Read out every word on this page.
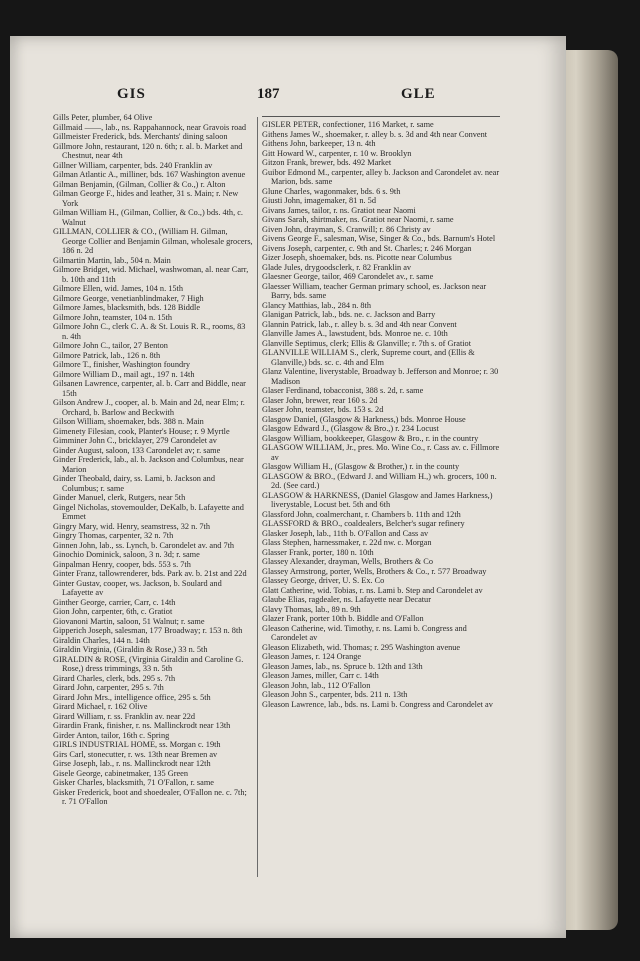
GIS	187	GLE

Gills Peter, plumber, 64 Olive

Gillmaid ——, lab., ns. Rappahannock, near Gravois road

Gillmeister Frederick, bds. Merchants' dining saloon

Gillmore John, restaurant, 120 n. 6th; r. al. b. Market and Chestnut, near 4th

Gillner William, carpenter, bds. 240 Franklin av

Gilman Atlantic A., milliner, bds. 167 Washington avenue

Gilman Benjamin, (Gilman, Collier & Co.,) r. Alton

Gilman George F., hides and leather, 31 s. Main; r. New York

Gilman William H., (Gilman, Collier, & Co.,) bds. 4th, c. Walnut

GILLMAN, COLLIER & CO., (William H. Gilman, George Collier and Benjamin Gilman, wholesale grocers, 186 n. 2d

Gilmartin Martin, lab., 504 n. Main

Gilmore Bridget, wid. Michael, washwoman, al. near Carr, b. 10th and 11th

Gilmore Ellen, wid. James, 104 n. 15th

Gilmore George, venetianblindmaker, 7 High

Gilmore James, blacksmith, bds. 128 Biddle

Gilmore John, teamster, 104 n. 15th

Gilmore John C., clerk C. A. & St. Louis R. R., rooms, 83 n. 4th

Gilmore John C., tailor, 27 Benton

Gilmore Patrick, lab., 126 n. 8th

Gilmore T., finisher, Washington foundry

Gilmore William D., mail agt., 197 n. 14th

Gilsanen Lawrence, carpenter, al. b. Carr and Biddle, near 15th

Gilson Andrew J., cooper, al. b. Main and 2d, near Elm; r. Orchard, b. Barlow and Beckwith

Gilson William, shoemaker, bds. 388 n. Main

Gimenety Filesian, cook, Planter's House; r. 9 Myrtle

Gimminer John C., bricklayer, 279 Carondelet av

Ginder August, saloon, 133 Carondelet av; r. same

Ginder Frederick, lab., al. b. Jackson and Columbus, near Marion

Ginder Theobald, dairy, ss. Lami, b. Jackson and Columbus; r. same

Ginder Manuel, clerk, Rutgers, near 5th

Gingel Nicholas, stovemoulder, DeKalb, b. Lafayette and Emmet

Gingry Mary, wid. Henry, seamstress, 32 n. 7th

Gingry Thomas, carpenter, 32 n. 7th

Ginnen John, lab., ss. Lynch, b. Carondelet av. and 7th

Ginochio Dominick, saloon, 3 n. 3d; r. same

Ginpalman Henry, cooper, bds. 553 s. 7th

Ginter Franz, tallowrenderer, bds. Park av. b. 21st and 22d

Ginter Gustav, cooper, ws. Jackson, b. Soulard and Lafayette av

Ginther George, carrier, Carr, c. 14th

Gion John, carpenter, 6th, c. Gratiot

Giovanoni Martin, saloon, 51 Walnut; r. same

Gipperich Joseph, salesman, 177 Broadway; r. 153 n. 8th

Giraldin Charles, 144 n. 14th

Giraldin Virginia, (Giraldin & Rose,) 33 n. 5th

GIRALDIN & ROSE, (Virginia Giraldin and Caroline G. Rose,) dress trimmings, 33 n. 5th

Girard Charles, clerk, bds. 295 s. 7th

Girard John, carpenter, 295 s. 7th

Girard John Mrs., intelligence office, 295 s. 5th

Girard Michael, r. 162 Olive

Girard William, r. ss. Franklin av. near 22d

Girardin Frank, finisher, r. ns. Mallinckrodt near 13th

Girder Anton, tailor, 16th c. Spring

GIRLS INDUSTRIAL HOME, ss. Morgan c. 19th

Girs Carl, stonecutter, r. ws. 13th near Bremen av

Girse Joseph, lab., r. ns. Mallinckrodt near 12th

Gisele George, cabinetmaker, 135 Green

Gisker Charles, blacksmith, 71 O'Fallon, r. same

Gisker Frederick, boot and shoedealer, O'Fallon ne. c. 7th; r. 71 O'Fallon

GISLER PETER, confectioner, 116 Market, r. same

Githens James W., shoemaker, r. alley b. s. 3d and 4th near Convent

Githens John, barkeeper, 13 n. 4th

Gitt Howard W., carpenter, r. 10 w. Brooklyn

Gitzon Frank, brewer, bds. 492 Market

Guibor Edmond M., carpenter, alley b. Jackson and Carondelet av. near Marion, bds. same

Glune Charles, wagonmaker, bds. 6 s. 9th

Giusti John, imagemaker, 81 n. 5d

Givans James, tailor, r. ns. Gratiot near Naomi

Givans Sarah, shirtmaker, ns. Gratiot near Naomi, r. same

Given John, drayman, S. Cranwill; r. 86 Christy av

Givens George F., salesman, Wise, Singer & Co., bds. Barnum's Hotel

Givens Joseph, carpenter, c. 9th and St. Charles; r. 246 Morgan

Gizer Joseph, shoemaker, bds. ns. Picotte near Columbus

Glade Jules, drygoodsclerk, r. 82 Franklin av

Glaesner George, tailor, 469 Carondelet av., r. same

Glaesser William, teacher German primary school, es. Jackson near Barry, bds. same

Glancy Matthias, lab., 284 n. 8th

Glanigan Patrick, lab., bds. ne. c. Jackson and Barry

Glannin Patrick, lab., r. alley b. s. 3d and 4th near Convent

Glanville James A., lawstudent, bds. Monroe ne. c. 10th

Glanville Septimus, clerk; Ellis & Glanville; r. 7th s. of Gratiot

GLANVILLE WILLIAM S., clerk, Supreme court, and (Ellis & Glanville,) bds. sc. c. 4th and Elm

Glanz Valentine, liverystable, Broadway b. Jefferson and Monroe; r. 30 Madison

Glaser Ferdinand, tobacconist, 388 s. 2d, r. same

Glaser John, brewer, rear 160 s. 2d

Glaser John, teamster, bds. 153 s. 2d

Glasgow Daniel, (Glasgow & Harkness,) bds. Monroe House

Glasgow Edward J., (Glasgow & Bro.,) r. 234 Locust

Glasgow William, bookkeeper, Glasgow & Bro., r. in the country

GLASGOW WILLIAM, Jr., pres. Mo. Wine Co., r. Cass av. c. Fillmore av

Glasgow William H., (Glasgow & Brother,) r. in the county

GLASGOW & BRO., (Edward J. and William H.,) wh. grocers, 100 n. 2d. (See card.)

GLASGOW & HARKNESS, (Daniel Glasgow and James Harkness,) liverystable, Locust bet. 5th and 6th

Glassford John, coalmerchant, r. Chambers b. 11th and 12th

GLASSFORD & BRO., coaldealers, Belcher's sugar refinery

Glasker Joseph, lab., 11th b. O'Fallon and Cass av

Glass Stephen, harnessmaker, r. 22d nw. c. Morgan

Glasser Frank, porter, 180 n. 10th

Glassey Alexander, drayman, Wells, Brothers & Co

Glassey Armstrong, porter, Wells, Brothers & Co., r. 577 Broadway

Glassey George, driver, U. S. Ex. Co

Glatt Catherine, wid. Tobias, r. ns. Lami b. Step and Carondelet av

Glaube Elias, ragdealer, ns. Lafayette near Decatur

Glavy Thomas, lab., 89 n. 9th

Glazer Frank, porter 10th b. Biddle and O'Fallon

Gleason Catherine, wid. Timothy, r. ns. Lami b. Congress and Carondelet av

Gleason Elizabeth, wid. Thomas; r. 295 Washington avenue

Gleason James, r. 124 Orange

Gleason James, lab., ns. Spruce b. 12th and 13th

Gleason James, miller, Carr c. 14th

Gleason John, lab., 112 O'Fallon

Gleason John S., carpenter, bds. 211 n. 13th

Gleason Lawrence, lab., bds. ns. Lami b. Congress and Carondelet av
